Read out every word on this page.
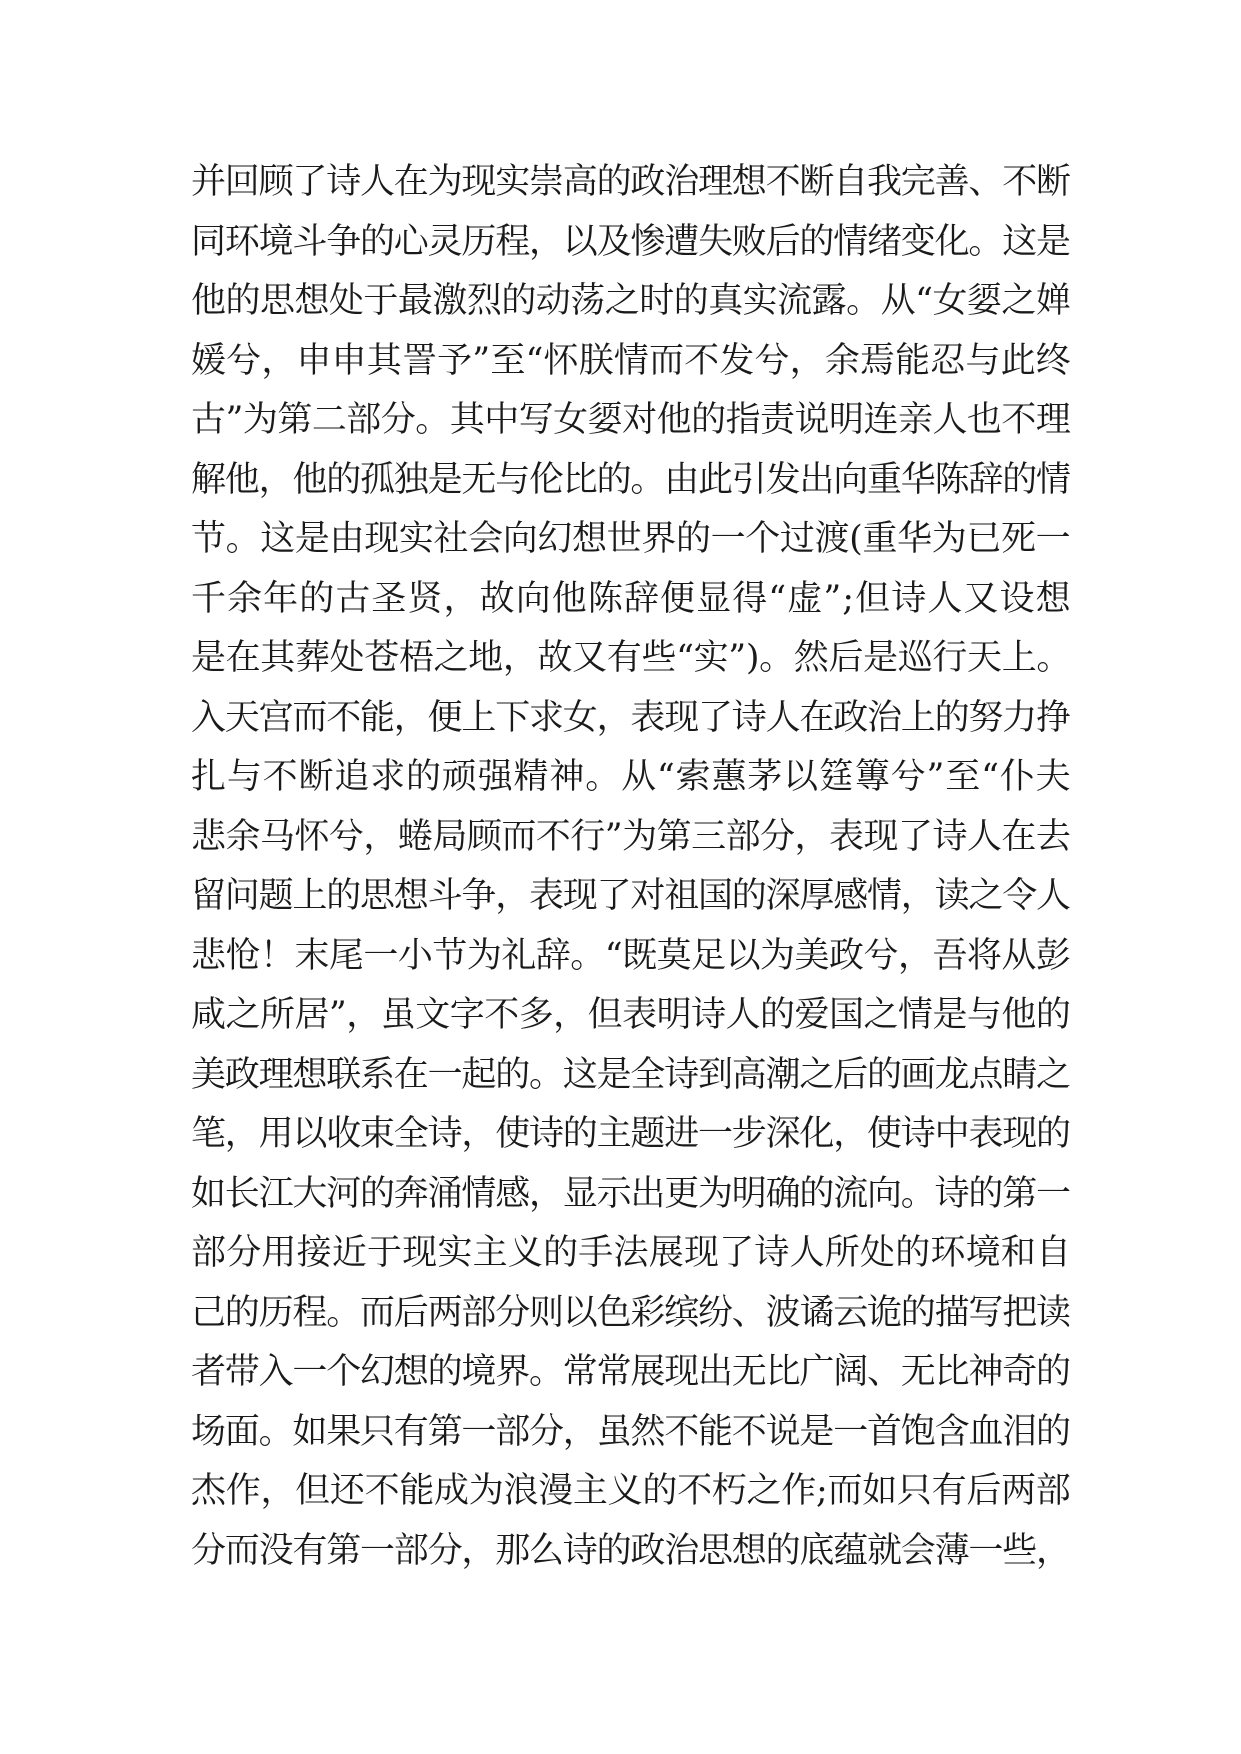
并回顾了诗人在为现实崇高的政治理想不断自我完善、不断
同环境斗争的心灵历程，以及惨遭失败后的情绪变化。这是
他的思想处于最激烈的动荡之时的真实流露。从“女媭之婵
媛兮，申申其詈予”至“怀朕情而不发兮，余焉能忍与此终
古”为第二部分。其中写女媭对他的指责说明连亲人也不理
解他，他的孤独是无与伦比的。由此引发出向重华陈辞的情
节。这是由现实社会向幻想世界的一个过渡(重华为已死一
千余年的古圣贤，故向他陈辞便显得“虚”;但诗人又设想
是在其葬处苍梧之地，故又有些“实”)。然后是巡行天上。
入天宫而不能，便上下求女，表现了诗人在政治上的努力挣
扎与不断追求的顽强精神。从“索蕙茅以筳篿兮”至“仆夫
悲余马怀兮，蜷局顾而不行”为第三部分，表现了诗人在去
留问题上的思想斗争，表现了对祖国的深厚感情，读之令人
悲怆！末尾一小节为礼辞。“既莫足以为美政兮，吾将从彭
咸之所居”，虽文字不多，但表明诗人的爱国之情是与他的
美政理想联系在一起的。这是全诗到高潮之后的画龙点睛之
笔，用以收束全诗，使诗的主题进一步深化，使诗中表现的
如长江大河的奔涌情感，显示出更为明确的流向。诗的第一
部分用接近于现实主义的手法展现了诗人所处的环境和自
己的历程。而后两部分则以色彩缤纷、波谲云诡的描写把读
者带入一个幻想的境界。常常展现出无比广阔、无比神奇的
场面。如果只有第一部分，虽然不能不说是一首饱含血泪的
杰作，但还不能成为浪漫主义的不朽之作;而如只有后两部
分而没有第一部分，那么诗的政治思想的底蕴就会薄一些，
